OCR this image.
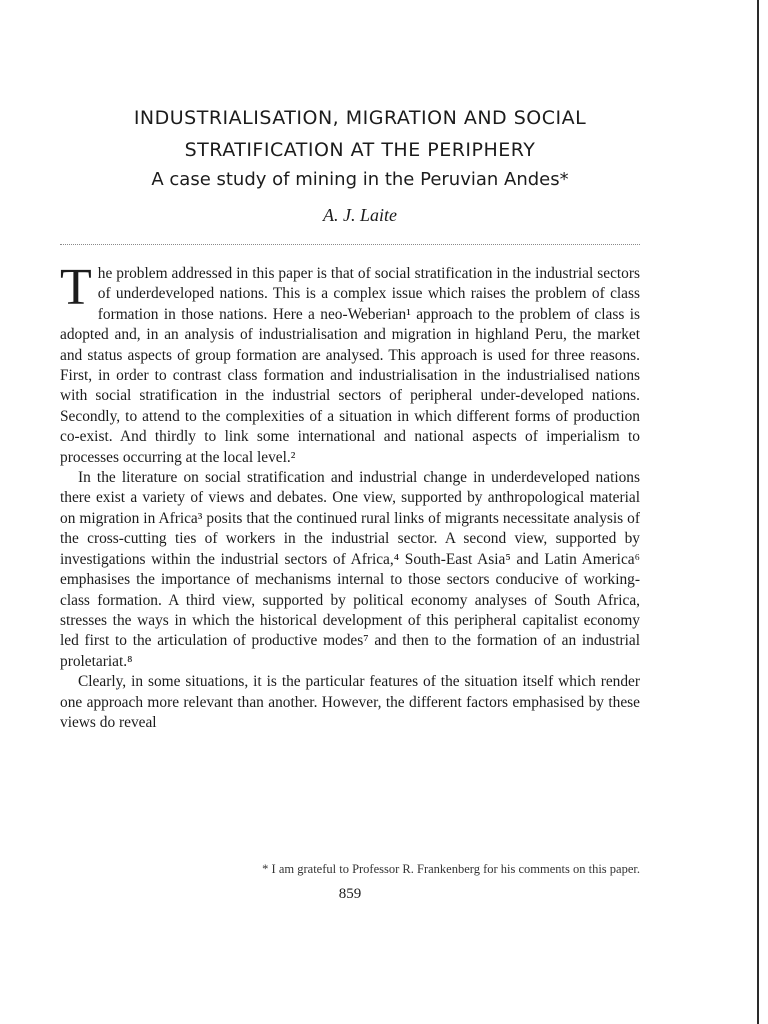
INDUSTRIALISATION, MIGRATION AND SOCIAL
STRATIFICATION AT THE PERIPHERY
A case study of mining in the Peruvian Andes*
A. J. Laite

The problem addressed in this paper is that of social stratification in the industrial sectors of underdeveloped nations. This is a complex issue which raises the problem of class formation in those nations. Here a neo-Weberian¹ approach to the problem of class is adopted and, in an analysis of industrialisation and migration in highland Peru, the market and status aspects of group formation are analysed. This approach is used for three reasons. First, in order to contrast class formation and industrialisation in the industrialised nations with social stratification in the industrial sectors of peripheral under-developed nations. Secondly, to attend to the complexities of a situation in which different forms of production co-exist. And thirdly to link some international and national aspects of imperialism to processes occurring at the local level.²

In the literature on social stratification and industrial change in underdeveloped nations there exist a variety of views and debates. One view, supported by anthropological material on migration in Africa³ posits that the continued rural links of migrants necessitate analysis of the cross-cutting ties of workers in the industrial sector. A second view, supported by investigations within the industrial sectors of Africa,⁴ South-East Asia⁵ and Latin America⁶ emphasises the importance of mechanisms internal to those sectors conducive of working-class formation. A third view, supported by political economy analyses of South Africa, stresses the ways in which the historical development of this peripheral capitalist economy led first to the articulation of productive modes⁷ and then to the formation of an industrial proletariat.⁸

Clearly, in some situations, it is the particular features of the situation itself which render one approach more relevant than another. However, the different factors emphasised by these views do reveal

* I am grateful to Professor R. Frankenberg for his comments on this paper.
859
